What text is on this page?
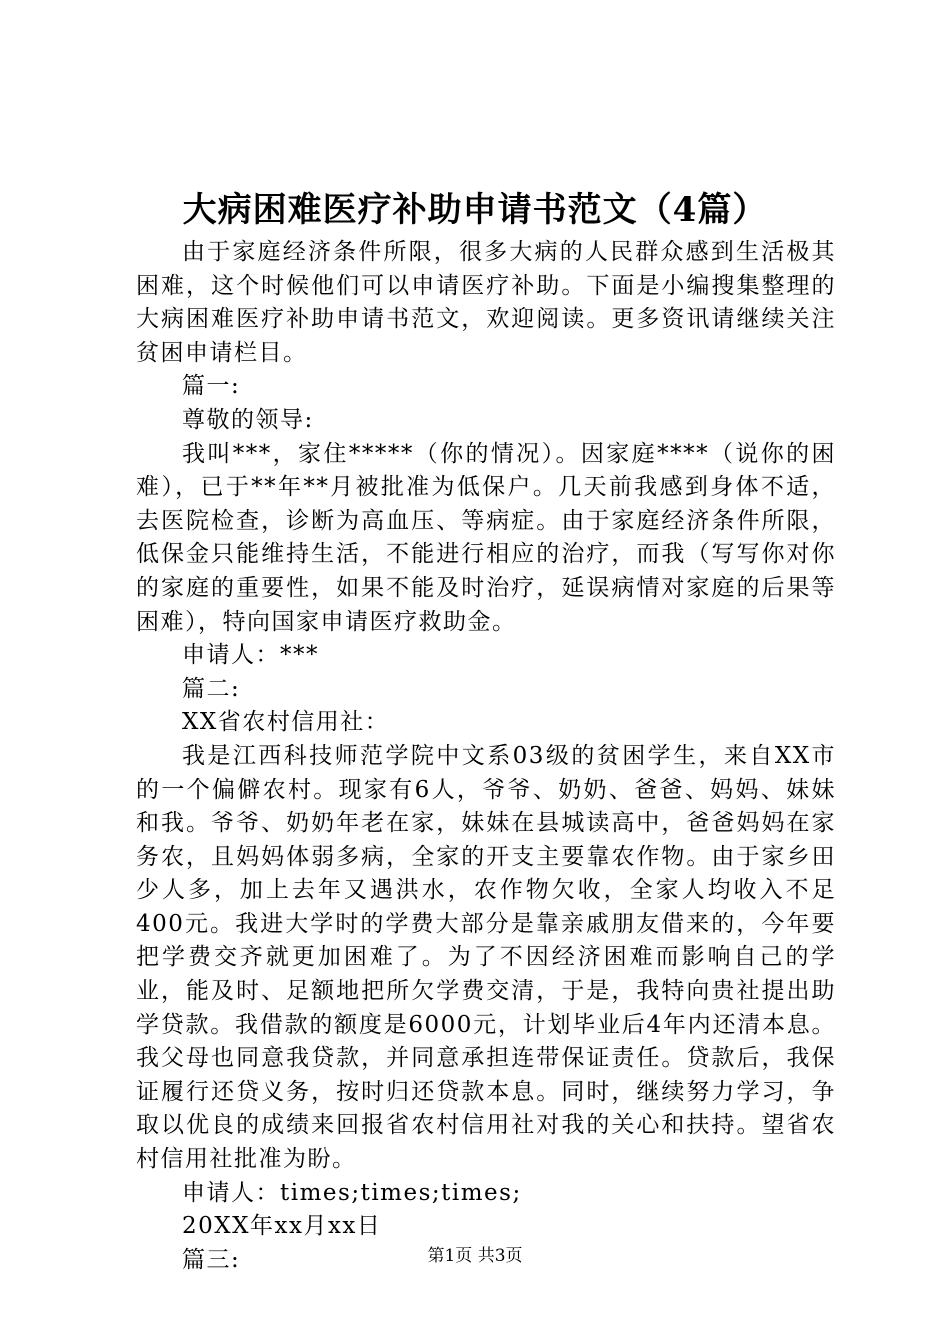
大病困难医疗补助申请书范文（4篇）

由于家庭经济条件所限，很多大病的人民群众感到生活极其困难，这个时候他们可以申请医疗补助。下面是小编搜集整理的大病困难医疗补助申请书范文，欢迎阅读。更多资讯请继续关注贫困申请栏目。

篇一:

尊敬的领导:

我叫***，家住*****（你的情况）。因家庭****（说你的困难），已于**年**月被批准为低保户。几天前我感到身体不适，去医院检查，诊断为高血压、等病症。由于家庭经济条件所限，低保金只能维持生活，不能进行相应的治疗，而我（写写你对你的家庭的重要性，如果不能及时治疗，延误病情对家庭的后果等困难），特向国家申请医疗救助金。

申请人：***

篇二:

XX省农村信用社：

我是江西科技师范学院中文系03级的贫困学生，来自XX市的一个偏僻农村。现家有6人，爷爷、奶奶、爸爸、妈妈、妹妹和我。爷爷、奶奶年老在家，妹妹在县城读高中，爸爸妈妈在家务农，且妈妈体弱多病，全家的开支主要靠农作物。由于家乡田少人多，加上去年又遇洪水，农作物欠收，全家人均收入不足400元。我进大学时的学费大部分是靠亲戚朋友借来的，今年要把学费交齐就更加困难了。为了不因经济困难而影响自己的学业，能及时、足额地把所欠学费交清，于是，我特向贵社提出助学贷款。我借款的额度是6000元，计划毕业后4年内还清本息。我父母也同意我贷款，并同意承担连带保证责任。贷款后，我保证履行还贷义务，按时归还贷款本息。同时，继续努力学习，争取以优良的成绩来回报省农村信用社对我的关心和扶持。望省农村信用社批准为盼。

申请人：times;times;times;

20XX年xx月xx日

篇三:	第1页 共3页
